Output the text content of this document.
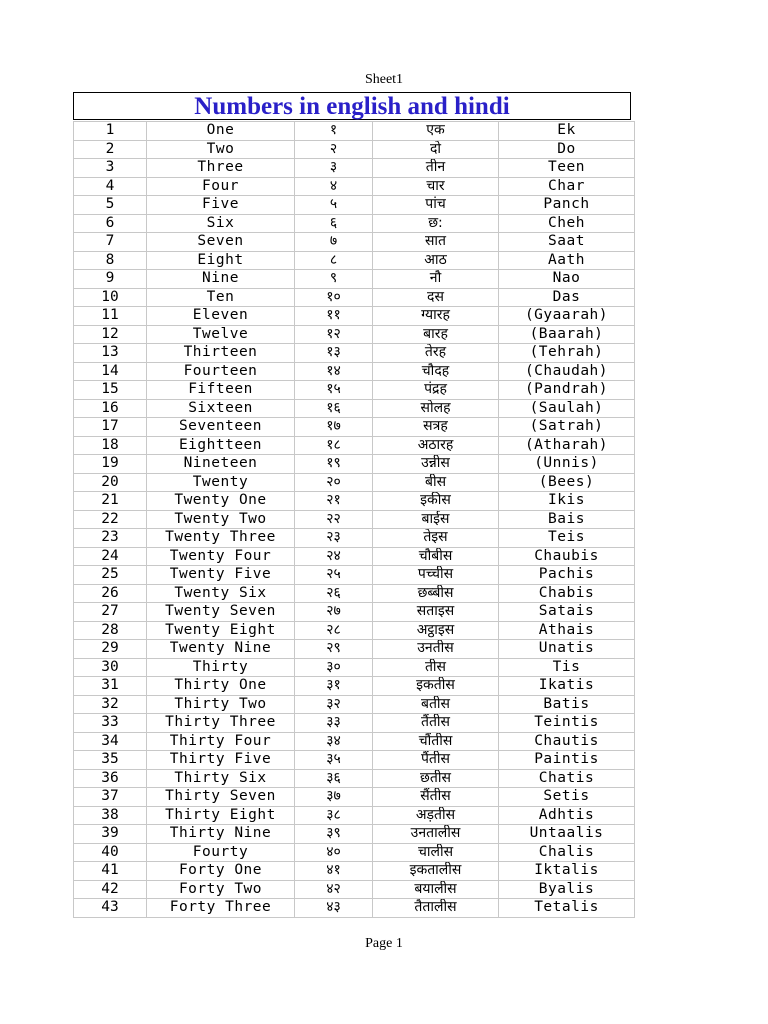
Sheet1
Numbers in english and hindi
1	One	१	एक	Ek
2	Two	२	दो	Do
3	Three	३	तीन	Teen
4	Four	४	चार	Char
5	Five	५	पांच	Panch
6	Six	६	छ:	Cheh
7	Seven	७	सात	Saat
8	Eight	८	आठ	Aath
9	Nine	९	नौ	Nao
10	Ten	१०	दस	Das
11	Eleven	११	ग्यारह	(Gyaarah)
12	Twelve	१२	बारह	(Baarah)
13	Thirteen	१३	तेरह	(Tehrah)
14	Fourteen	१४	चौदह	(Chaudah)
15	Fifteen	१५	पंद्रह	(Pandrah)
16	Sixteen	१६	सोलह	(Saulah)
17	Seventeen	१७	सत्रह	(Satrah)
18	Eightteen	१८	अठारह	(Atharah)
19	Nineteen	१९	उन्नीस	(Unnis)
20	Twenty	२०	बीस	(Bees)
21	Twenty One	२१	इकीस	Ikis
22	Twenty Two	२२	बाईस	Bais
23	Twenty Three	२३	तेइस	Teis
24	Twenty Four	२४	चौबीस	Chaubis
25	Twenty Five	२५	पच्चीस	Pachis
26	Twenty Six	२६	छब्बीस	Chabis
27	Twenty Seven	२७	सताइस	Satais
28	Twenty Eight	२८	अट्ठाइस	Athais
29	Twenty Nine	२९	उनतीस	Unatis
30	Thirty	३०	तीस	Tis
31	Thirty One	३१	इकतीस	Ikatis
32	Thirty Two	३२	बतीस	Batis
33	Thirty Three	३३	तैंतीस	Teintis
34	Thirty Four	३४	चौंतीस	Chautis
35	Thirty Five	३५	पैंतीस	Paintis
36	Thirty Six	३६	छतीस	Chatis
37	Thirty Seven	३७	सैंतीस	Setis
38	Thirty Eight	३८	अड़तीस	Adhtis
39	Thirty Nine	३९	उनतालीस	Untaalis
40	Fourty	४०	चालीस	Chalis
41	Forty One	४१	इकतालीस	Iktalis
42	Forty Two	४२	बयालीस	Byalis
43	Forty Three	४३	तैतालीस	Tetalis
Page 1
